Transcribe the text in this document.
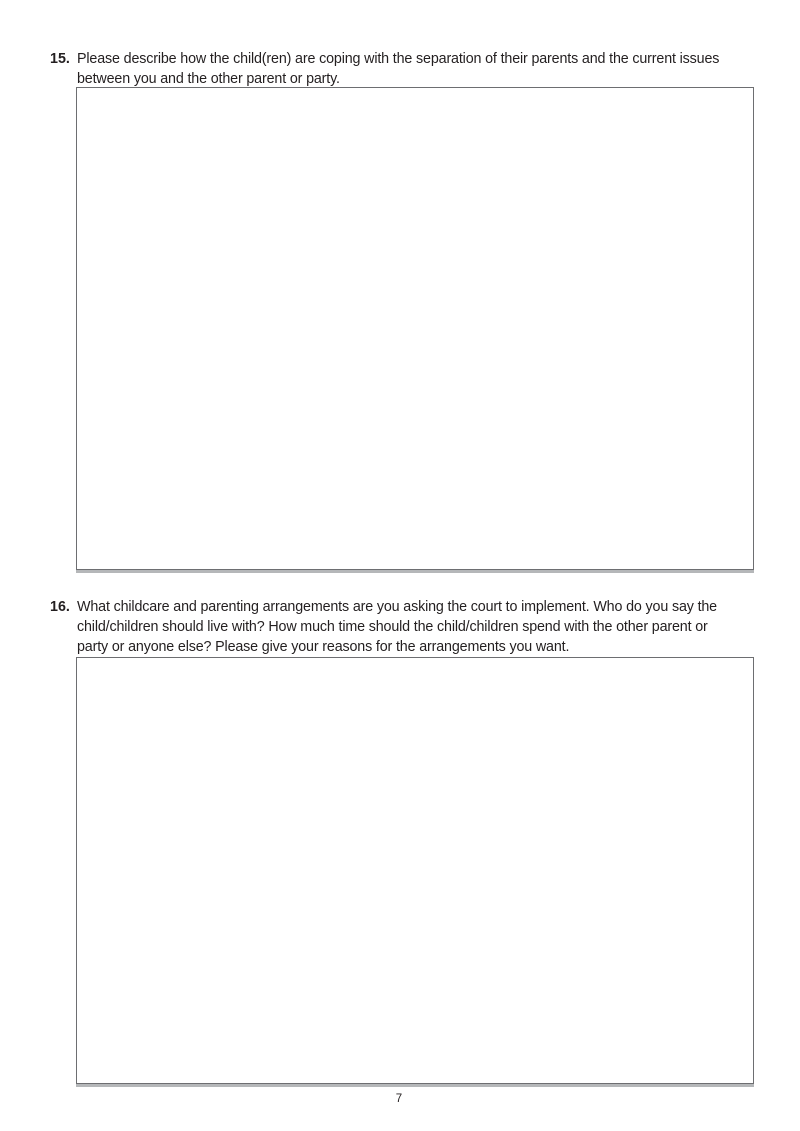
15. Please describe how the child(ren) are coping with the separation of their parents and the current issues
between you and the other parent or party.
16. What childcare and parenting arrangements are you asking the court to implement. Who do you say the
child/children should live with? How much time should the child/children spend with the other parent or
party or anyone else? Please give your reasons for the arrangements you want.
7
